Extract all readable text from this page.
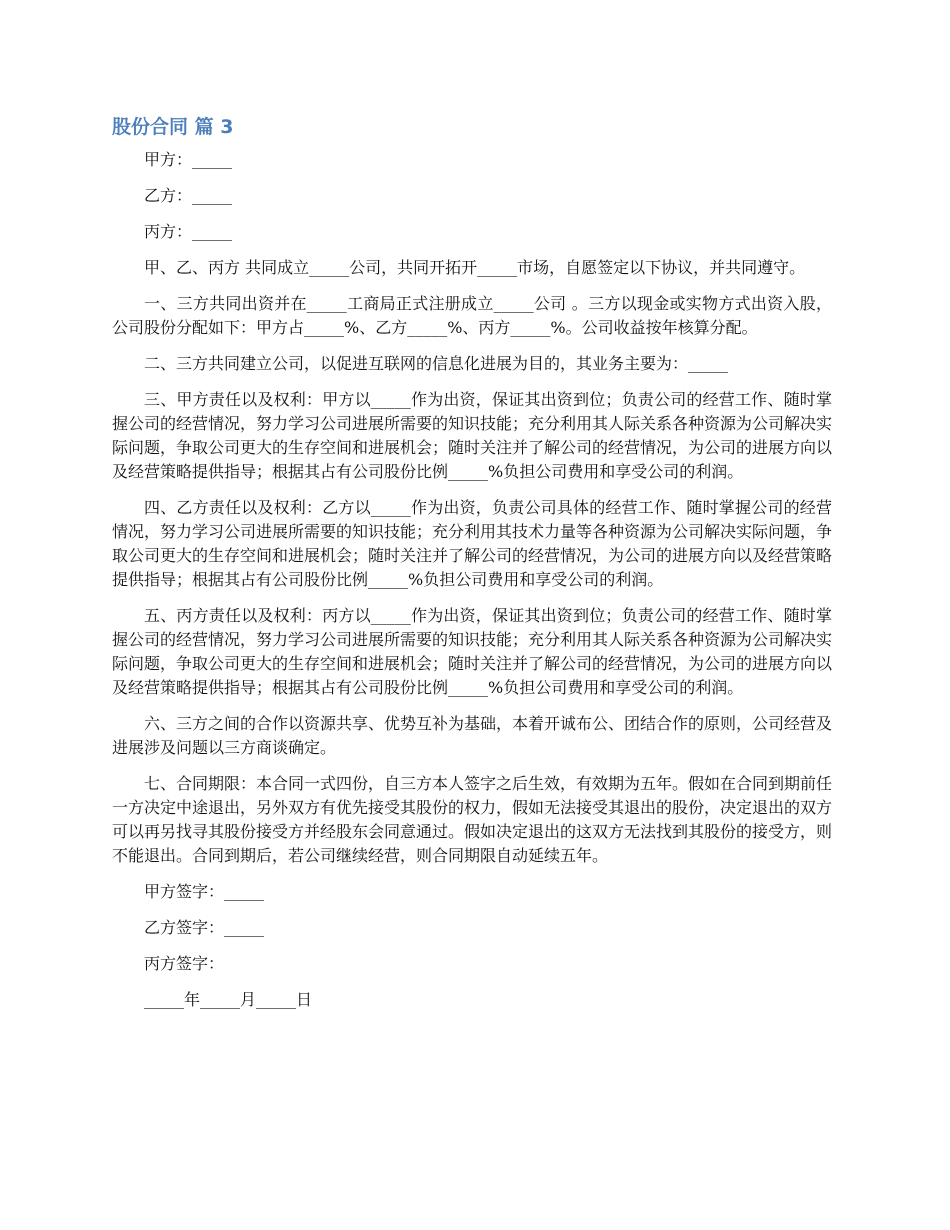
股份合同 篇 3

甲方：_____

乙方：_____

丙方：_____

甲、乙、丙方 共同成立_____公司，共同开拓开_____市场，自愿签定以下协议，并共同遵守。

一、三方共同出资并在_____工商局正式注册成立_____公司 。三方以现金或实物方式出资入股，公司股份分配如下：甲方占_____%、乙方_____%、丙方_____%。公司收益按年核算分配。

二、三方共同建立公司，以促进互联网的信息化进展为目的，其业务主要为：_____

三、甲方责任以及权利：甲方以_____作为出资，保证其出资到位；负责公司的经营工作、随时掌握公司的经营情况，努力学习公司进展所需要的知识技能；充分利用其人际关系各种资源为公司解决实际问题，争取公司更大的生存空间和进展机会；随时关注并了解公司的经营情况，为公司的进展方向以及经营策略提供指导；根据其占有公司股份比例_____%负担公司费用和享受公司的利润。

四、乙方责任以及权利：乙方以_____作为出资，负责公司具体的经营工作、随时掌握公司的经营情况，努力学习公司进展所需要的知识技能；充分利用其技术力量等各种资源为公司解决实际问题，争取公司更大的生存空间和进展机会；随时关注并了解公司的经营情况，为公司的进展方向以及经营策略提供指导；根据其占有公司股份比例_____%负担公司费用和享受公司的利润。

五、丙方责任以及权利：丙方以_____作为出资，保证其出资到位；负责公司的经营工作、随时掌握公司的经营情况，努力学习公司进展所需要的知识技能；充分利用其人际关系各种资源为公司解决实际问题，争取公司更大的生存空间和进展机会；随时关注并了解公司的经营情况，为公司的进展方向以及经营策略提供指导；根据其占有公司股份比例_____%负担公司费用和享受公司的利润。

六、三方之间的合作以资源共享、优势互补为基础，本着开诚布公、团结合作的原则，公司经营及进展涉及问题以三方商谈确定。

七、合同期限：本合同一式四份，自三方本人签字之后生效，有效期为五年。假如在合同到期前任一方决定中途退出，另外双方有优先接受其股份的权力，假如无法接受其退出的股份，决定退出的双方可以再另找寻其股份接受方并经股东会同意通过。假如决定退出的这双方无法找到其股份的接受方，则不能退出。合同到期后，若公司继续经营，则合同期限自动延续五年。

甲方签字：_____

乙方签字：_____

丙方签字：

_____年_____月_____日
